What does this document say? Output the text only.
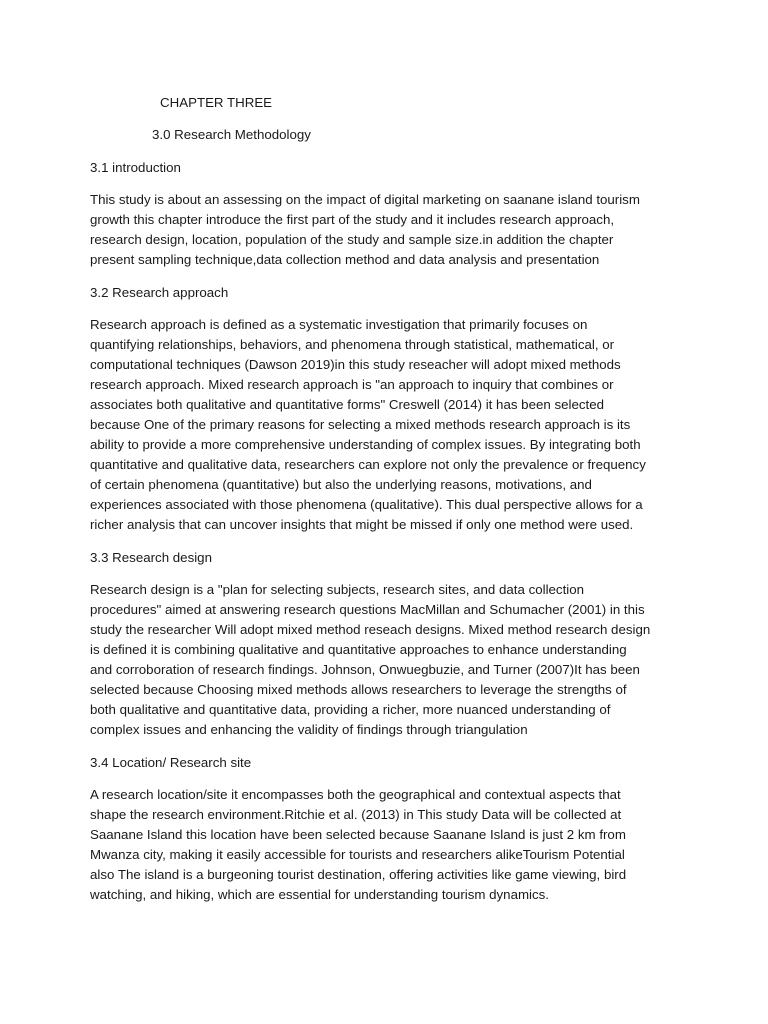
CHAPTER THREE

3.0 Research Methodology

3.1 introduction

This study is about an assessing on the impact of digital marketing on saanane island tourism

growth this chapter introduce the first part of the study and it includes research approach,

research design, location, population of the study and sample size.in addition the chapter

present sampling technique,data collection method and data analysis and presentation

3.2 Research approach

Research approach is defined as a systematic investigation that primarily focuses on

quantifying relationships, behaviors, and phenomena through statistical, mathematical, or

computational techniques (Dawson 2019)in this study reseacher will adopt mixed methods

research approach. Mixed research approach is "an approach to inquiry that combines or

associates both qualitative and quantitative forms" Creswell (2014) it has been selected

because One of the primary reasons for selecting a mixed methods research approach is its

ability to provide a more comprehensive understanding of complex issues. By integrating both

quantitative and qualitative data, researchers can explore not only the prevalence or frequency

of certain phenomena (quantitative) but also the underlying reasons, motivations, and

experiences associated with those phenomena (qualitative). This dual perspective allows for a

richer analysis that can uncover insights that might be missed if only one method were used.

3.3 Research design

Research design is a "plan for selecting subjects, research sites, and data collection

procedures" aimed at answering research questions MacMillan and Schumacher (2001) in this

study the researcher Will adopt mixed method reseach designs. Mixed method research design

is defined it is combining qualitative and quantitative approaches to enhance understanding

and corroboration of research findings. Johnson, Onwuegbuzie, and Turner (2007)It has been

selected because Choosing mixed methods allows researchers to leverage the strengths of

both qualitative and quantitative data, providing a richer, more nuanced understanding of

complex issues and enhancing the validity of findings through triangulation

3.4 Location/ Research site

A research location/site it encompasses both the geographical and contextual aspects that

shape the research environment.Ritchie et al. (2013) in This study Data will be collected at

Saanane Island this location have been selected because Saanane Island is just 2 km from

Mwanza city, making it easily accessible for tourists and researchers alikeTourism Potential

also The island is a burgeoning tourist destination, offering activities like game viewing, bird

watching, and hiking, which are essential for understanding tourism dynamics.
